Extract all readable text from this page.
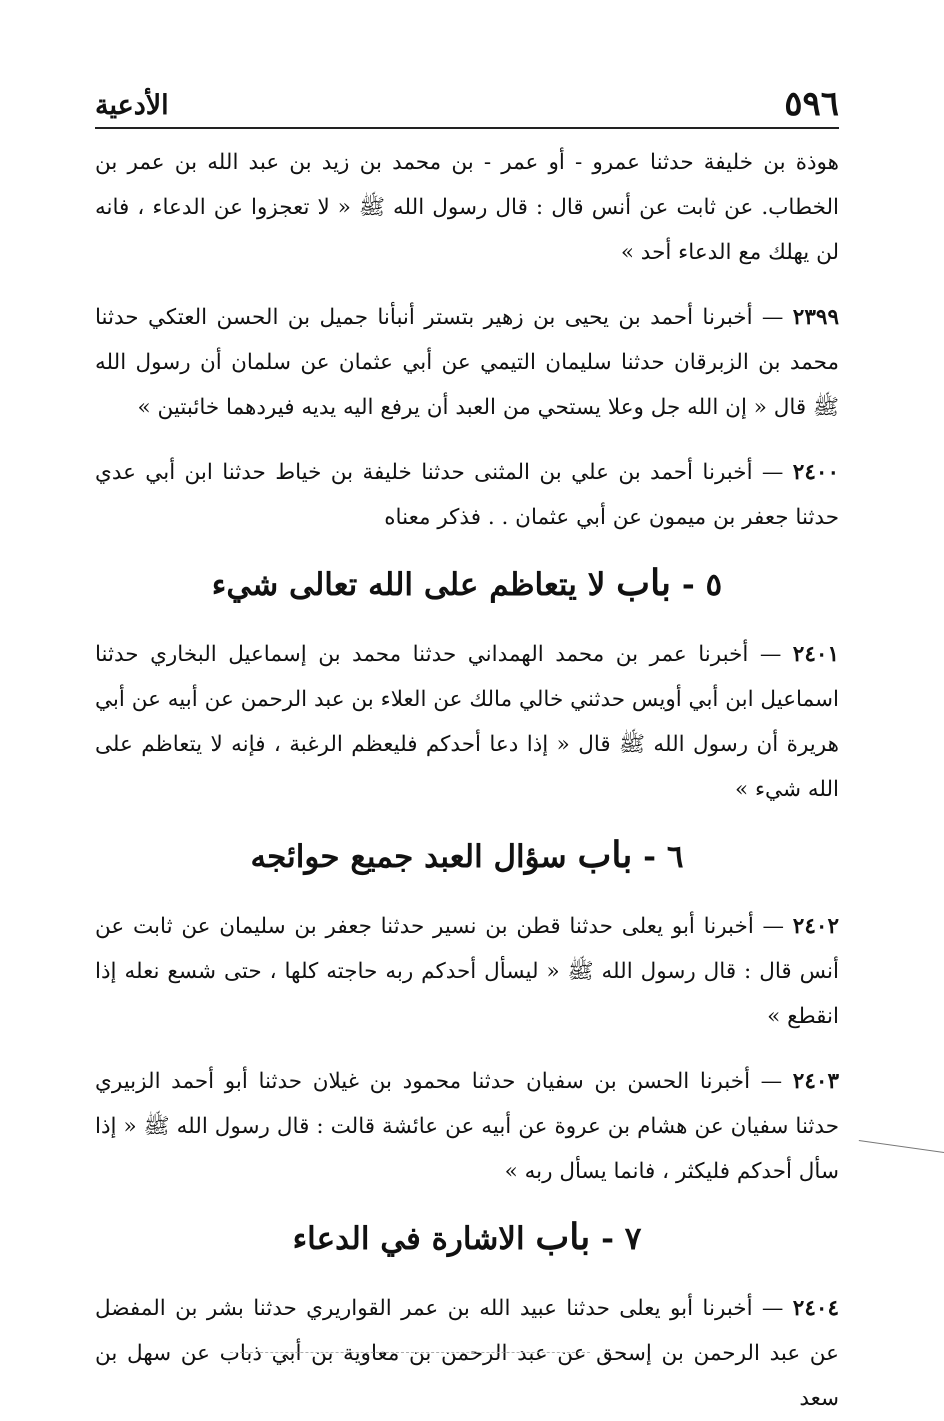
٥٩٦
الأدعية

هوذة بن خليفة حدثنا عمرو - أو عمر - بن محمد بن زيد بن عبد الله بن عمر بن الخطاب. عن ثابت عن أنس قال : قال رسول الله ﷺ « لا تعجزوا عن الدعاء ، فانه لن يهلك مع الدعاء أحد »

٢٣٩٩ — أخبرنا أحمد بن يحيى بن زهير بتستر أنبأنا جميل بن الحسن العتكي حدثنا محمد بن الزبرقان حدثنا سليمان التيمي عن أبي عثمان عن سلمان أن رسول الله ﷺ قال « إن الله جل وعلا يستحي من العبد أن يرفع اليه يديه فيردهما خائبتين »

٢٤٠٠ — أخبرنا أحمد بن علي بن المثنى حدثنا خليفة بن خياط حدثنا ابن أبي عدي حدثنا جعفر بن ميمون عن أبي عثمان . . فذكر معناه

٥ - باب لا يتعاظم على الله تعالى شيء

٢٤٠١ — أخبرنا عمر بن محمد الهمداني حدثنا محمد بن إسماعيل البخاري حدثنا اسماعيل ابن أبي أويس حدثني خالي مالك عن العلاء بن عبد الرحمن عن أبيه عن أبي هريرة أن رسول الله ﷺ قال « إذا دعا أحدكم فليعظم الرغبة ، فإنه لا يتعاظم على الله شيء »

٦ - باب سؤال العبد جميع حوائجه

٢٤٠٢ — أخبرنا أبو يعلى حدثنا قطن بن نسير حدثنا جعفر بن سليمان عن ثابت عن أنس قال : قال رسول الله ﷺ « ليسأل أحدكم ربه حاجته كلها ، حتى شسع نعله إذا انقطع »

٢٤٠٣ — أخبرنا الحسن بن سفيان حدثنا محمود بن غيلان حدثنا أبو أحمد الزبيري حدثنا سفيان عن هشام بن عروة عن أبيه عن عائشة قالت : قال رسول الله ﷺ « إذا سأل أحدكم فليكثر ، فانما يسأل ربه »

٧ - باب الاشارة في الدعاء

٢٤٠٤ — أخبرنا أبو يعلى حدثنا عبيد الله بن عمر القواريري حدثنا بشر بن المفضل عن عبد الرحمن بن إسحق عن عبد الرحمن بن معاوية بن أبي ذباب عن سهل بن سعد
